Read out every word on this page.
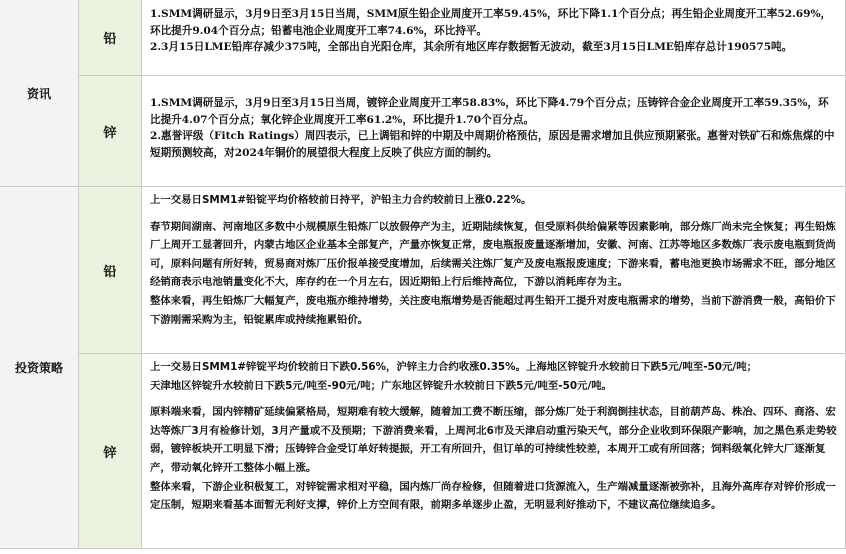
资讯
铅

1.SMM调研显示，3月9日至3月15日当周，SMM原生铅企业周度开工率59.45%，环比下降1.1个百分点；再生铅企业周度开工率52.69%，环比提升9.04个百分点；铅蓄电池企业周度开工率74.6%，环比持平。

2.3月15日LME铅库存减少375吨，全部出自光阳仓库，其余所有地区库存数据暂无波动，截至3月15日LME铅库存总计190575吨。

锌

1.SMM调研显示，3月9日至3月15日当周，镀锌企业周度开工率58.83%，环比下降4.79个百分点；压铸锌合金企业周度开工率59.35%，环比提升4.07个百分点；氧化锌企业周度开工率61.2%，环比提升1.70个百分点。

2.惠誉评级（Fitch Ratings）周四表示，已上调铝和锌的中期及中周期价格预估，原因是需求增加且供应预期紧张。惠誉对铁矿石和炼焦煤的中短期预测较高，对2024年铜价的展望很大程度上反映了供应方面的制约。

投资策略
铅

上一交易日SMM1#铅锭平均价格较前日持平，沪铅主力合约较前日上涨0.22%。

春节期间湖南、河南地区多数中小规模原生铅炼厂以放假停产为主，近期陆续恢复，但受原料供给偏紧等因素影响，部分炼厂尚未完全恢复；再生铅炼厂上周开工显著回升，内蒙古地区企业基本全部复产，产量亦恢复正常，废电瓶报废量逐渐增加，安徽、河南、江苏等地区多数炼厂表示废电瓶到货尚可，原料问题有所好转，贸易商对炼厂压价报单接受度增加，后续需关注炼厂复产及废电瓶报废速度；下游来看，蓄电池更换市场需求不旺，部分地区经销商表示电池销量变化不大，库存约在一个月左右，因近期铅上行后维持高位，下游以消耗库存为主。

整体来看，再生铅炼厂大幅复产，废电瓶亦维持增势，关注废电瓶增势是否能超过再生铅开工提升对废电瓶需求的增势，当前下游消费一般，高铅价下下游刚需采购为主，铅锭累库或持续拖累铅价。

锌

上一交易日SMM1#锌锭平均价较前日下跌0.56%，沪锌主力合约收涨0.35%。上海地区锌锭升水较前日下跌5元/吨至-50元/吨；

天津地区锌锭升水较前日下跌5元/吨至-90元/吨；广东地区锌锭升水较前日下跌5元/吨至-50元/吨。

原料端来看，国内锌精矿延续偏紧格局，短期难有较大缓解，随着加工费不断压缩，部分炼厂处于利润倒挂状态，目前葫芦岛、株冶、四环、商洛、宏达等炼厂3月有检修计划，3月产量或不及预期；下游消费来看，上周河北6市及天津启动重污染天气，部分企业收到环保限产影响，加之黑色系走势较弱，镀锌板块开工明显下滑；压铸锌合金受订单好转提振，开工有所回升，但订单的可持续性较差，本周开工或有所回落；饲料级氧化锌大厂逐渐复产，带动氧化锌开工整体小幅上涨。

整体来看，下游企业积极复工，对锌锭需求相对平稳，国内炼厂尚存检修，但随着进口货源流入，生产端减量逐渐被弥补，且海外高库存对锌价形成一定压制，短期来看基本面暂无利好支撑，锌价上方空间有限，前期多单逐步止盈，无明显利好推动下，不建议高位继续追多。
